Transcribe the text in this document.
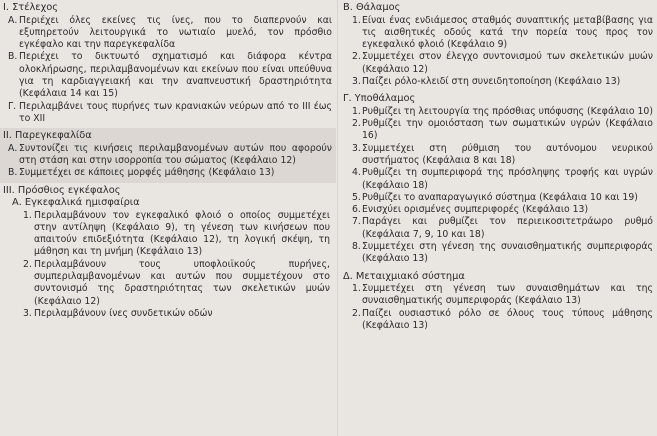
I. Στέλεχος
Α. Περιέχει όλες εκείνες τις ίνες, που το διαπερνούν και εξυπηρετούν λειτουργικά το νωτιαίο μυελό, τον πρόσθιο εγκέφαλο και την παρεγκεφαλίδα
Β. Περιέχει το δικτυωτό σχηματισμό και διάφορα κέντρα ολοκλήρωσης, περιλαμβανομένων και εκείνων που είναι υπεύθυνα για τη καρδιαγγειακή και την αναπνευστική δραστηριότητα (Κεφάλαια 14 και 15)
Γ. Περιλαμβάνει τους πυρήνες των κρανιακών νεύρων από το ΙΙΙ έως το ΧΙΙ
ΙΙ. Παρεγκεφαλίδα
Α. Συντονίζει τις κινήσεις περιλαμβανομένων αυτών που αφορούν στη στάση και στην ισορροπία του σώματος (Κεφάλαιο 12)
Β. Συμμετέχει σε κάποιες μορφές μάθησης (Κεφάλαιο 13)
ΙΙΙ. Πρόσθιος εγκέφαλος
Α. Εγκεφαλικά ημισφαίρια
1. Περιλαμβάνουν τον εγκεφαλικό φλοιό ο οποίος συμμετέχει στην αντίληψη (Κεφάλαιο 9), τη γένεση των κινήσεων που απαιτούν επιδεξιότητα (Κεφάλαιο 12), τη λογική σκέψη, τη μάθηση και τη μνήμη (Κεφάλαιο 13)
2. Περιλαμβάνουν τους υποφλοιϊκούς πυρήνες, συμπεριλαμβανομένων και αυτών που συμμετέχουν στο συντονισμό της δραστηριότητας των σκελετικών μυών (Κεφάλαιο 12)
3. Περιλαμβάνουν ίνες συνδετικών οδών
Β. Θάλαμος
1. Είναι ένας ενδιάμεσος σταθμός συναπτικής μεταβίβασης για τις αισθητικές οδούς κατά την πορεία τους προς τον εγκεφαλικό φλοιό (Κεφάλαιο 9)
2. Συμμετέχει στον έλεγχο συντονισμού των σκελετικών μυών (Κεφάλαιο 12)
3. Παίζει ρόλο-κλειδί στη συνειδητοποίηση (Κεφάλαιο 13)
Γ. Υποθάλαμος
1. Ρυθμίζει τη λειτουργία της πρόσθιας υπόφυσης (Κεφάλαιο 10)
2. Ρυθμίζει την ομοιόσταση των σωματικών υγρών (Κεφάλαιο 16)
3. Συμμετέχει στη ρύθμιση του αυτόνομου νευρικού συστήματος (Κεφάλαια 8 και 18)
4. Ρυθμίζει τη συμπεριφορά της πρόσληψης τροφής και υγρών (Κεφάλαιο 18)
5. Ρυθμίζει το αναπαραγωγικό σύστημα (Κεφάλαια 10 και 19)
6. Ενισχύει ορισμένες συμπεριφορές (Κεφάλαιο 13)
7. Παράγει και ρυθμίζει τον περιεικοσιτετράωρο ρυθμό (Κεφάλαια 7, 9, 10 και 18)
8. Συμμετέχει στη γένεση της συναισθηματικής συμπεριφοράς (Κεφάλαιο 13)
Δ. Μεταιχμιακό σύστημα
1. Συμμετέχει στη γένεση των συναισθημάτων και της συναισθηματικής συμπεριφοράς (Κεφάλαιο 13)
2. Παίζει ουσιαστικό ρόλο σε όλους τους τύπους μάθησης (Κεφάλαιο 13)
